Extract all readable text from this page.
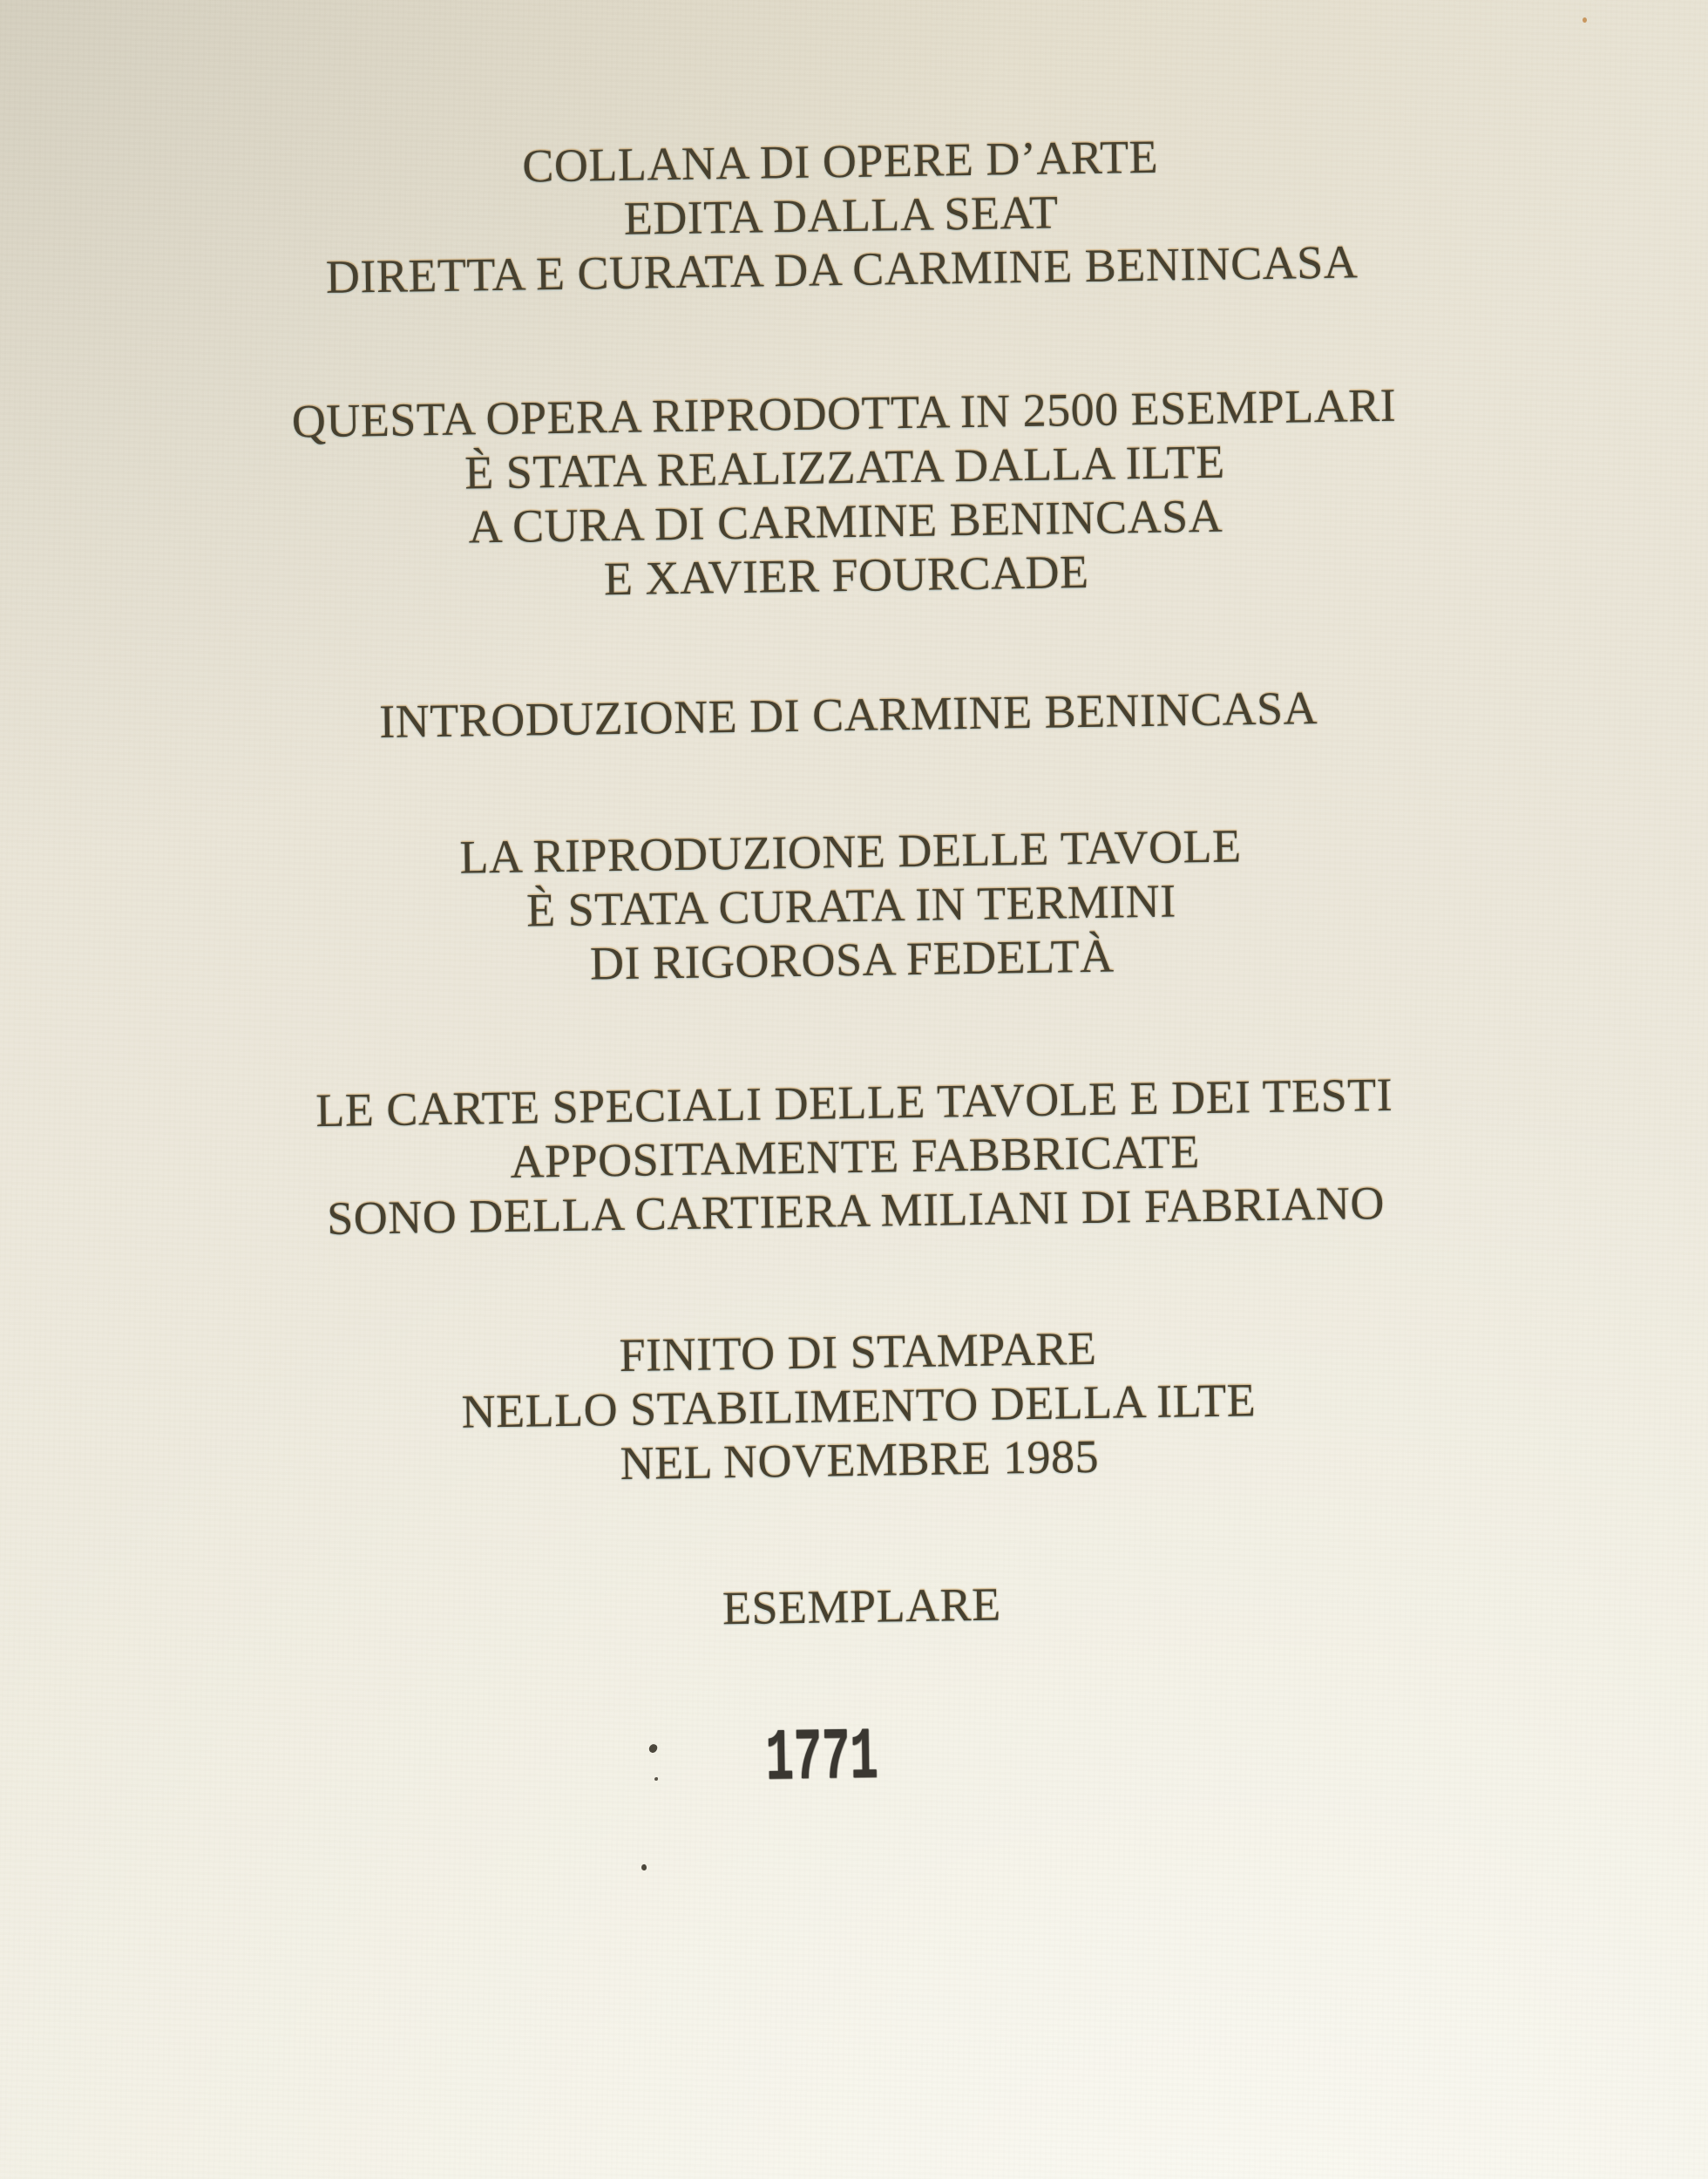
COLLANA DI OPERE D’ARTE
EDITA DALLA SEAT
DIRETTA E CURATA DA CARMINE BENINCASA
QUESTA OPERA RIPRODOTTA IN 2500 ESEMPLARI
È STATA REALIZZATA DALLA ILTE
A CURA DI CARMINE BENINCASA
E XAVIER FOURCADE
INTRODUZIONE DI CARMINE BENINCASA
LA RIPRODUZIONE DELLE TAVOLE
È STATA CURATA IN TERMINI
DI RIGOROSA FEDELTÀ
LE CARTE SPECIALI DELLE TAVOLE E DEI TESTI
APPOSITAMENTE FABBRICATE
SONO DELLA CARTIERA MILIANI DI FABRIANO
FINITO DI STAMPARE
NELLO STABILIMENTO DELLA ILTE
NEL NOVEMBRE 1985
ESEMPLARE
1771
